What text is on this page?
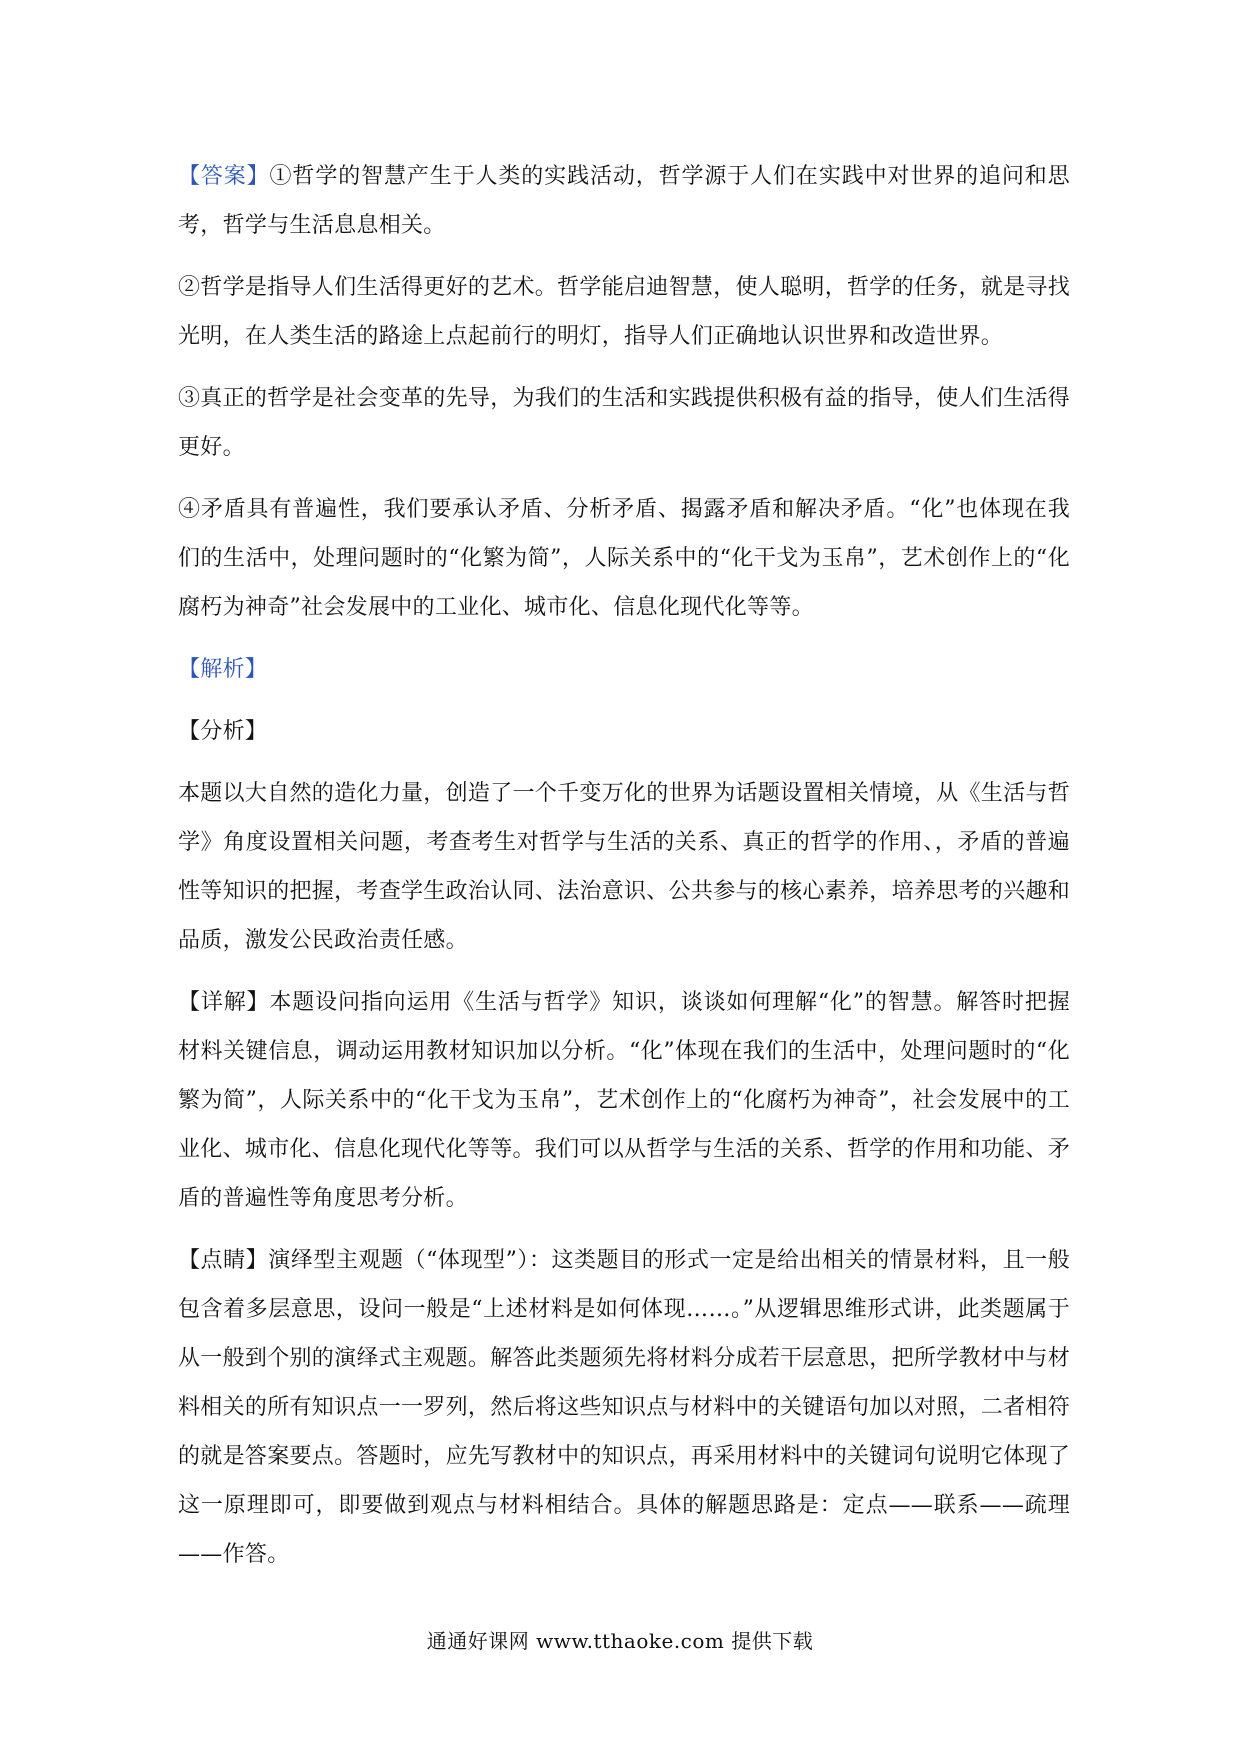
【答案】①哲学的智慧产生于人类的实践活动，哲学源于人们在实践中对世界的追问和思考，哲学与生活息息相关。

②哲学是指导人们生活得更好的艺术。哲学能启迪智慧，使人聪明，哲学的任务，就是寻找光明，在人类生活的路途上点起前行的明灯，指导人们正确地认识世界和改造世界。

③真正的哲学是社会变革的先导，为我们的生活和实践提供积极有益的指导，使人们生活得更好。

④矛盾具有普遍性，我们要承认矛盾、分析矛盾、揭露矛盾和解决矛盾。“化”也体现在我们的生活中，处理问题时的“化繁为简”，人际关系中的“化干戈为玉帛”，艺术创作上的“化腐朽为神奇”社会发展中的工业化、城市化、信息化现代化等等。

【解析】

【分析】

本题以大自然的造化力量，创造了一个千变万化的世界为话题设置相关情境，从《生活与哲学》角度设置相关问题，考查考生对哲学与生活的关系、真正的哲学的作用、，矛盾的普遍性等知识的把握，考查学生政治认同、法治意识、公共参与的核心素养，培养思考的兴趣和品质，激发公民政治责任感。

【详解】本题设问指向运用《生活与哲学》知识，谈谈如何理解“化”的智慧。解答时把握材料关键信息，调动运用教材知识加以分析。“化”体现在我们的生活中，处理问题时的“化繁为简”，人际关系中的“化干戈为玉帛”，艺术创作上的“化腐朽为神奇”，社会发展中的工业化、城市化、信息化现代化等等。我们可以从哲学与生活的关系、哲学的作用和功能、矛盾的普遍性等角度思考分析。

【点睛】演绎型主观题（“体现型”）：这类题目的形式一定是给出相关的情景材料，且一般包含着多层意思，设问一般是“上述材料是如何体现……。”从逻辑思维形式讲，此类题属于从一般到个别的演绎式主观题。解答此类题须先将材料分成若干层意思，把所学教材中与材料相关的所有知识点一一罗列，然后将这些知识点与材料中的关键语句加以对照，二者相符的就是答案要点。答题时，应先写教材中的知识点，再采用材料中的关键词句说明它体现了这一原理即可，即要做到观点与材料相结合。具体的解题思路是：定点——联系——疏理——作答。

通通好课网 www.tthaoke.com 提供下载
